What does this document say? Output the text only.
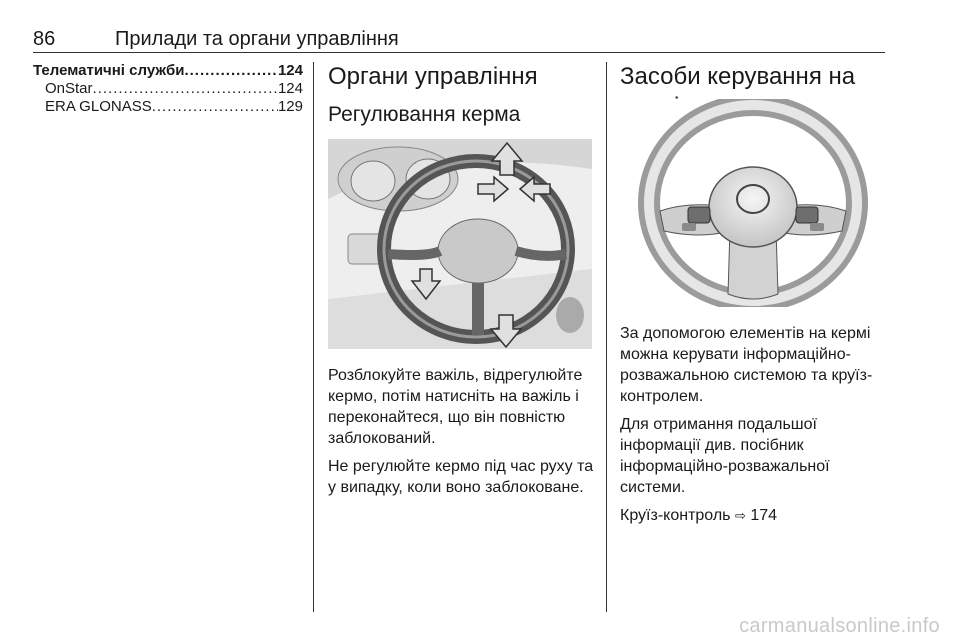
86	Прилади та органи управління
Телематичні служби .....	124
OnStar .....	124
ERA GLONASS .....	129
Органи управління
Регулювання керма

Розблокуйте важіль, відрегулюйте кермо, потім натисніть на важіль і переконайтеся, що він повністю заблокований.

Не регулюйте кермо під час руху та у випадку, коли воно заблоковане.

Засоби керування на

За допомогою елементів на кермі можна керувати інформаційно-розважальною системою та круїз-контролем.

Для отримання подальшої інформації див. посібник інформаційно-розважальної системи.

Круїз-контроль ⇨ 174

carmanualsonline.info
